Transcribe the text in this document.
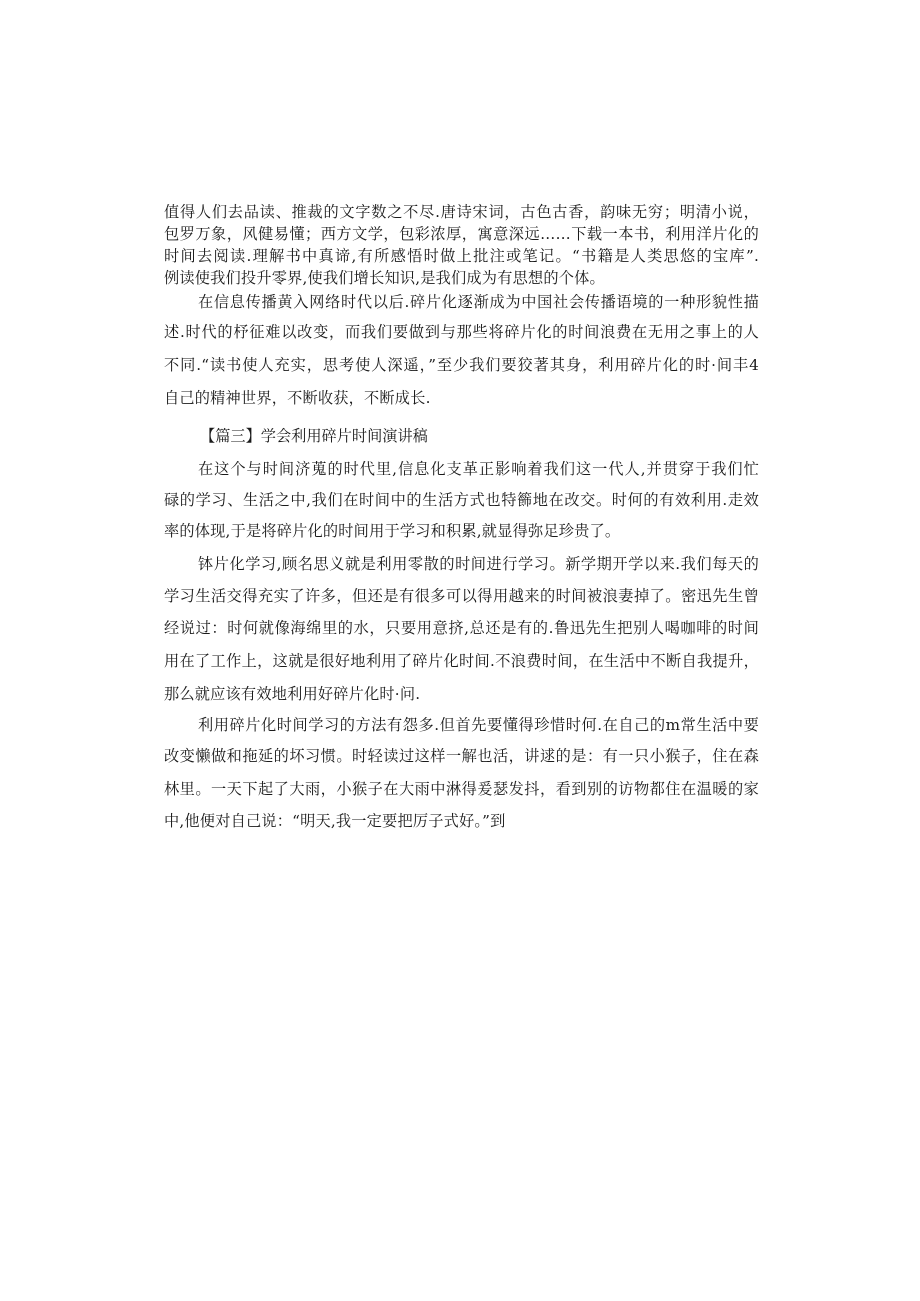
值得人们去品读、推裁的文字数之不尽.唐诗宋词，古色古香，韵味无穷；明清小说，
包罗万象，风健易懂；西方文学，包彩浓厚，寓意深远……下载一本书，利用洋片化的
时间去阅读.理解书中真谛,有所感悟时做上批注或笔记。“书籍是人类思悠的宝库”.
例读使我们投升零界,使我们增长知识,是我们成为有思想的个体。
在信息传播黄入网络时代以后.碎片化逐渐成为中国社会传播语境的一种形貌性描
述.时代的杼征难以改变，而我们要做到与那些将碎片化的时间浪费在无用之事上的人
不同.“读书使人充实，思考使人深遥，”至少我们要狡著其身，利用碎片化的时·间丰4
自己的精神世界，不断收获，不断成长.
【篇三】学会利用碎片时间演讲稿
在这个与时间济蒐的时代里,信息化支革正影响着我们这一代人,并贯穿于我们忙
碌的学习、生活之中,我们在时间中的生活方式也特籂地在改交。时何的有效利用.走效
率的体现,于是将碎片化的时间用于学习和积累,就显得弥足珍贵了。
钵片化学习,顾名思义就是利用零散的时间进行学习。新学期开学以来.我们每天的
学习生活交得充实了许多，但还是有很多可以得用越来的时间被浪妻掉了。密迅先生曾
经说过：时何就像海绵里的水，只要用意挤,总还是有的.鲁迅先生把别人喝咖啡的时间
用在了工作上，这就是很好地利用了碎片化时间.不浪费时间，在生活中不断自我提升，
那么就应该有效地利用好碎片化时·问.
利用碎片化时间学习的方法有怨多.但首先要懂得珍惜时何.在自己的m常生活中要
改变懒做和拖延的坏习惯。时轻读过这样一解也活，讲逑的是：有一只小猴子，住在森
林里。一天下起了大雨，小猴子在大雨中淋得爰瑟发抖，看到别的访物都住在温暖的家
中,他便对自己说：“明天,我一定要把厉子式好。”到
